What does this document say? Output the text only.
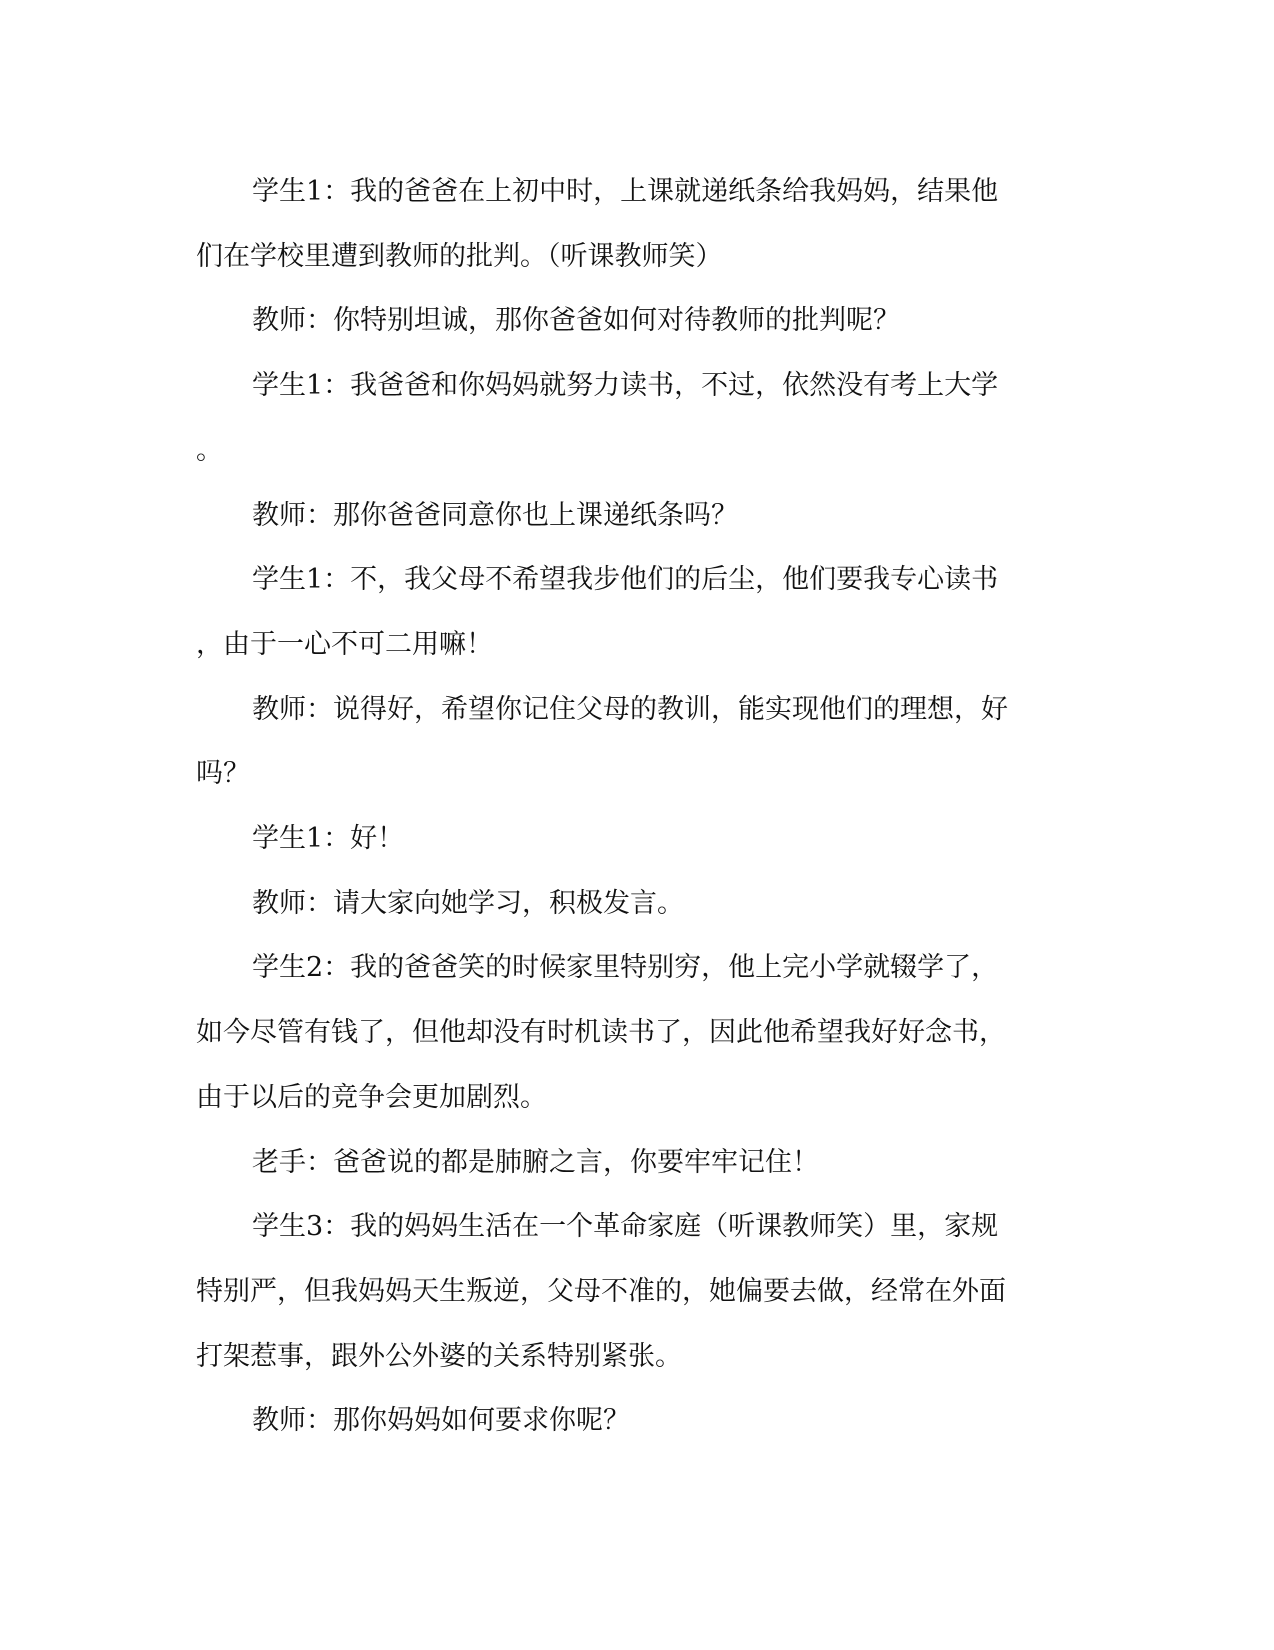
学生1：我的爸爸在上初中时，上课就递纸条给我妈妈，结果他
们在学校里遭到教师的批判。（听课教师笑）
教师：你特别坦诚，那你爸爸如何对待教师的批判呢？
学生1：我爸爸和你妈妈就努力读书，不过，依然没有考上大学
。
教师：那你爸爸同意你也上课递纸条吗？
学生1：不，我父母不希望我步他们的后尘，他们要我专心读书
，由于一心不可二用嘛！
教师：说得好，希望你记住父母的教训，能实现他们的理想，好
吗？
学生1：好！
教师：请大家向她学习，积极发言。
学生2：我的爸爸笑的时候家里特别穷，他上完小学就辍学了，
如今尽管有钱了，但他却没有时机读书了，因此他希望我好好念书，
由于以后的竞争会更加剧烈。
老手：爸爸说的都是肺腑之言，你要牢牢记住！
学生3：我的妈妈生活在一个革命家庭（听课教师笑）里，家规
特别严，但我妈妈天生叛逆，父母不准的，她偏要去做，经常在外面
打架惹事，跟外公外婆的关系特别紧张。
教师：那你妈妈如何要求你呢？
